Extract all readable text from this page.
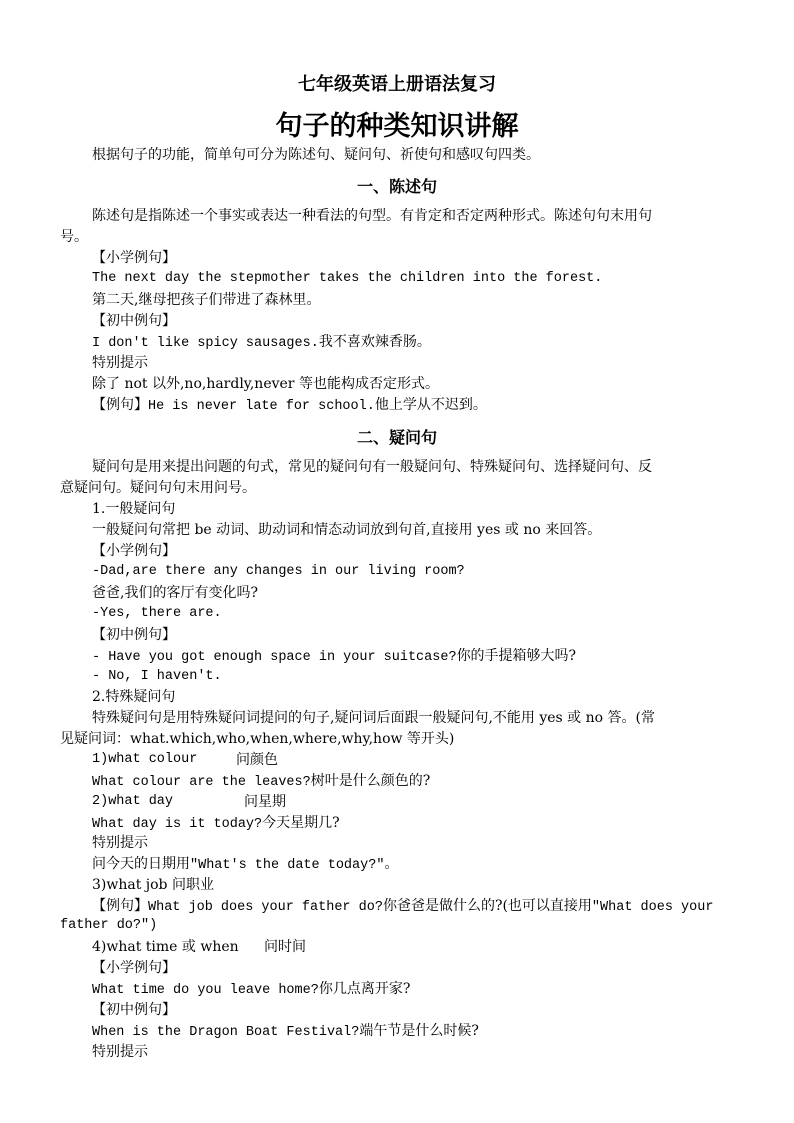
七年级英语上册语法复习
句子的种类知识讲解
根据句子的功能，简单句可分为陈述句、疑问句、祈使句和感叹句四类。
一、陈述句
陈述句是指陈述一个事实或表达一种看法的句型。有肯定和否定两种形式。陈述句句末用句
号。
【小学例句】
The next day the stepmother takes the children into the forest.
第二天,继母把孩子们带进了森林里。
【初中例句】
I don't like spicy sausages.我不喜欢辣香肠。
特别提示
除了 not 以外,no,hardly,never 等也能构成否定形式。
【例句】He is never late for school.他上学从不迟到。
二、疑问句
疑问句是用来提出问题的句式，常见的疑问句有一般疑问句、特殊疑问句、选择疑问句、反
意疑问句。疑问句句末用问号。
1.一般疑问句
一般疑问句常把 be 动词、助动词和情态动词放到句首,直接用 yes 或 no 来回答。
【小学例句】
-Dad,are there any changes in our living room?
爸爸,我们的客厅有变化吗?
-Yes, there are.
【初中例句】
- Have you got enough space in your suitcase?你的手提箱够大吗?
- No, I haven't.
2.特殊疑问句
特殊疑问句是用特殊疑问词提问的句子,疑问词后面跟一般疑问句,不能用 yes 或 no 答。(常
见疑问词：what.which,who,when,where,why,how 等开头)
1)what colour	问颜色
What colour are the leaves?树叶是什么颜色的?
2)what day	问星期
What day is it today?今天星期几?
特别提示
问今天的日期用"What's the date today?"。
3)what job 问职业
【例句】What job does your father do?你爸爸是做什么的?(也可以直接用"What does your
father do?")
4)what time 或 when 问时间
【小学例句】
What time do you leave home?你几点离开家?
【初中例句】
When is the Dragon Boat Festival?端午节是什么时候?
特别提示
